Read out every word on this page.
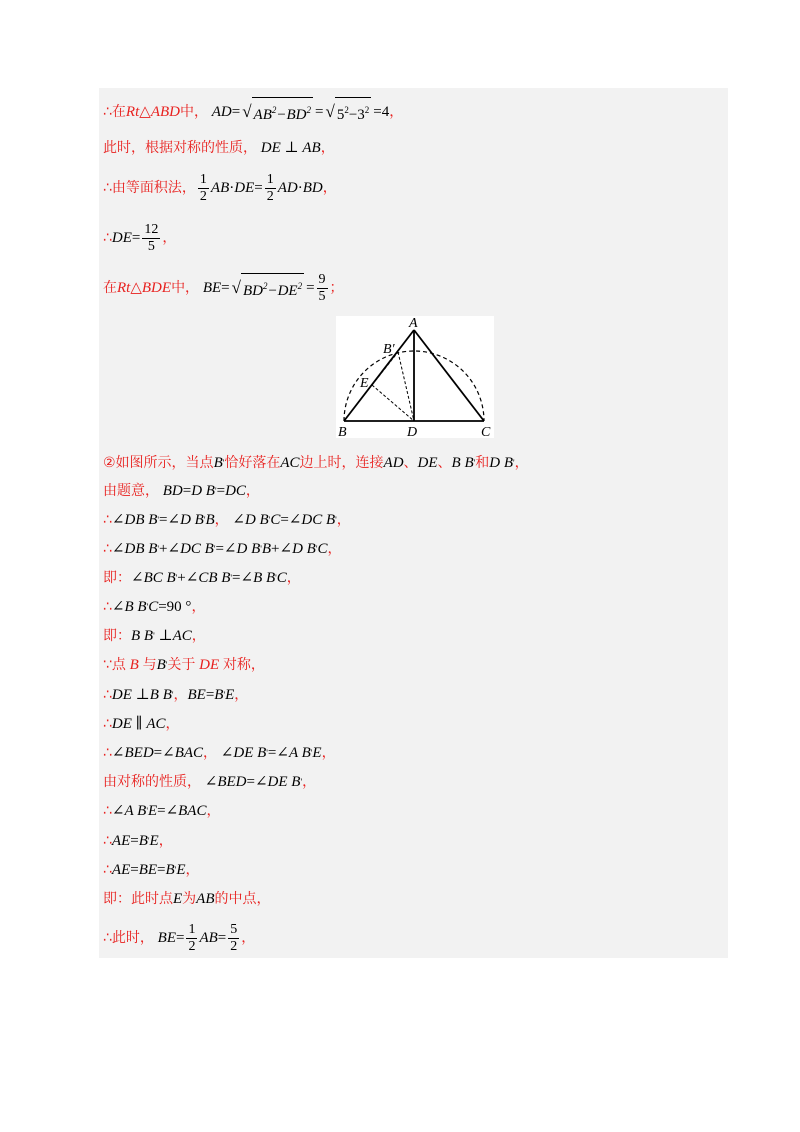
∴在 Rt △ ABD 中， AD = √ $AB^2-BD^2$ = √ $5^2-3^2 =4$ ，
此时，根据对称的性质， DE ⊥ AB ，
∴由等面积法， $\frac{1}{2}$ AB · DE = $\frac{1}{2}$ AD · BD ，
∴ DE = $\frac{12}{5}$ ，
在 Rt △ BDE 中， BE = √ $BD^2-DE^2 = \frac{9}{5}$ ；
A
B′
E
B	D	C
②如图所示，当点 B ' 恰好落在 AC 边上时，连接 AD 、 DE 、 B B ' 和 D B ' ，
由题意， BD = D B ' = DC ，
∴ ∠ DB B ' =∠ D B ' B ， ∠ D B ' C =∠ DC B ' ，
∴ ∠ DB B ' +∠ DC B ' =∠ D B ' B +∠ D B ' C ，
即： ∠ BC B ' +∠ CB B ' =∠ B B ' C ，
∴ ∠ B B ' C =90 ° ，
即： B B ' ⊥ AC ，
∵点 B 与 B ' 关于 DE 对称，
∴ DE ⊥ B B ' ， BE = B ' E ，
∴ DE ∥ AC ，
∴ ∠ BED =∠ BAC ， ∠ DE B ' =∠ A B ' E ，
由对称的性质， ∠ BED =∠ DE B ' ，
∴ ∠ A B ' E =∠ BAC ，
∴ AE = B ' E ，
∴ AE = BE = B ' E ，
即：此时点 E 为 AB 的中点，
∴此时， BE = $\frac{1}{2}$ AB = $\frac{5}{2}$ ，
